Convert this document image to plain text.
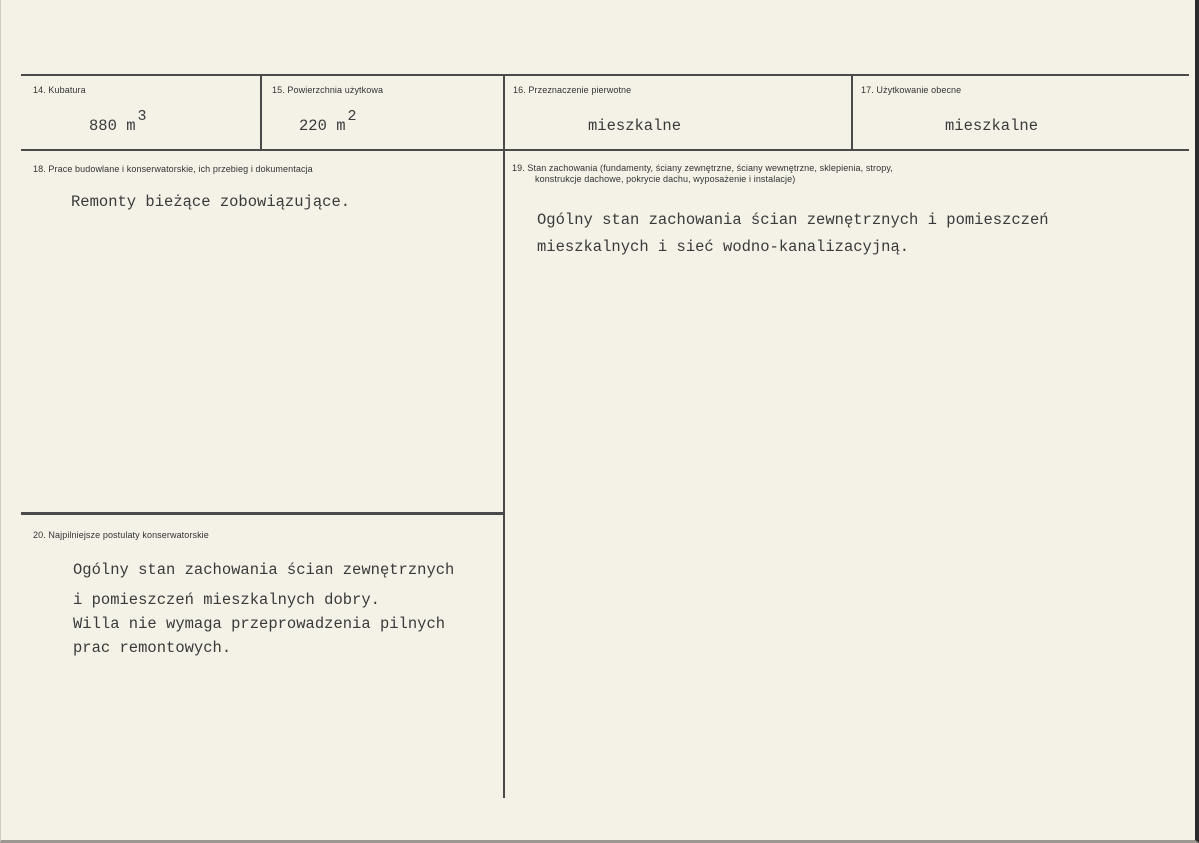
14. Kubatura
880 m3
15. Powierzchnia użytkowa
220 m2
16. Przeznaczenie pierwotne
mieszkalne
17. Użytkowanie obecne
mieszkalne
18. Prace budowlane i konserwatorskie, ich przebieg i dokumentacja
Remonty bieżące zobowiązujące.
19. Stan zachowania (fundamenty, ściany zewnętrzne, ściany wewnętrzne, sklepienia, stropy,
konstrukcje dachowe, pokrycie dachu, wyposażenie i instalacje)
Ogólny stan zachowania ścian zewnętrznych i pomieszczeń
mieszkalnych i sieć wodno-kanalizacyjną.
20. Najpilniejsze postulaty konserwatorskie
Ogólny stan zachowania ścian zewnętrznych
i pomieszczeń mieszkalnych dobry.
Willa nie wymaga przeprowadzenia pilnych
prac remontowych.
